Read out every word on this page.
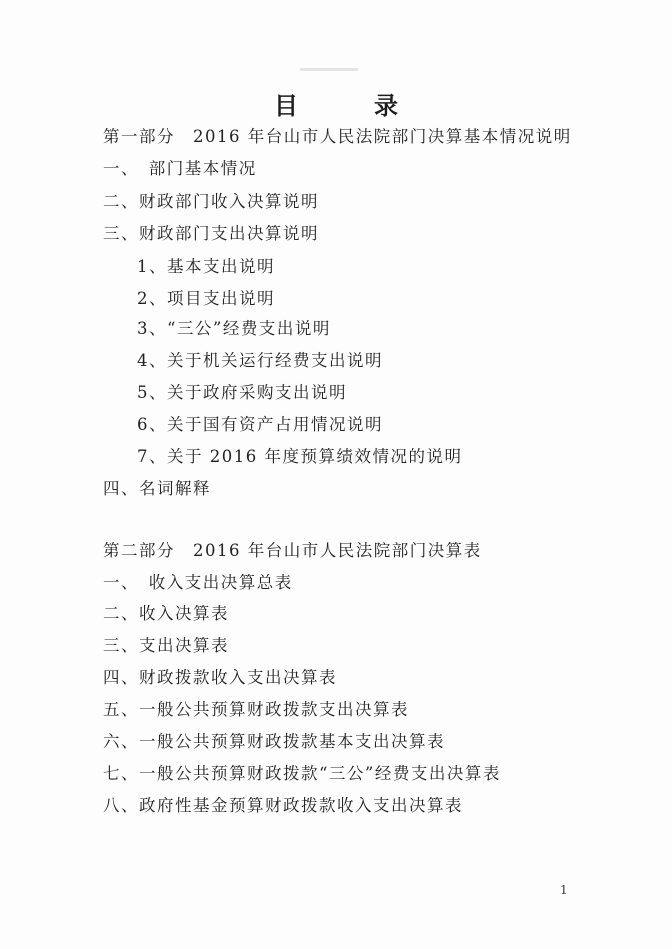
目　录
第一部分　2016 年台山市人民法院部门决算基本情况说明
一、　部门基本情况
二、财政部门收入决算说明
三、财政部门支出决算说明
1、基本支出说明
2、项目支出说明
3、“三公”经费支出说明
4、关于机关运行经费支出说明
5、关于政府采购支出说明
6、关于国有资产占用情况说明
7、关于 2016 年度预算绩效情况的说明
四、名词解释
第二部分　2016 年台山市人民法院部门决算表
一、　收入支出决算总表
二、收入决算表
三、支出决算表
四、财政拨款收入支出决算表
五、一般公共预算财政拨款支出决算表
六、一般公共预算财政拨款基本支出决算表
七、一般公共预算财政拨款“三公”经费支出决算表
八、政府性基金预算财政拨款收入支出决算表
1
